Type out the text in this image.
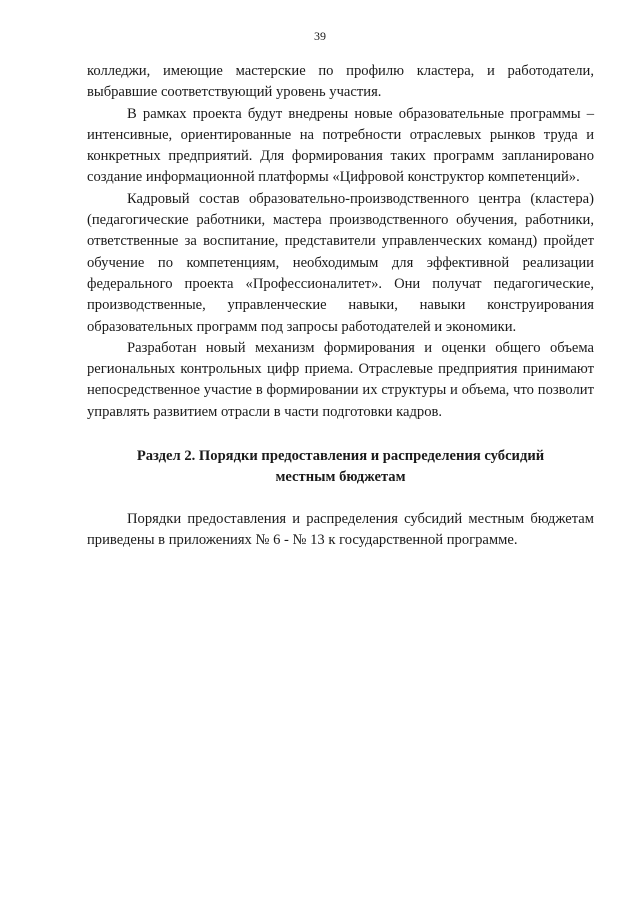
39

колледжи, имеющие мастерские по профилю кластера, и работодатели, выбравшие соответствующий уровень участия.

В рамках проекта будут внедрены новые образовательные программы – интенсивные, ориентированные на потребности отраслевых рынков труда и конкретных предприятий. Для формирования таких программ запланировано создание информационной платформы «Цифровой конструктор компетенций».

Кадровый состав образовательно-производственного центра (кластера) (педагогические работники, мастера производственного обучения, работники, ответственные за воспитание, представители управленческих команд) пройдет обучение по компетенциям, необходимым для эффективной реализации федерального проекта «Профессионалитет». Они получат педагогические, производственные, управленческие навыки, навыки конструирования образовательных программ под запросы работодателей и экономики.

Разработан новый механизм формирования и оценки общего объема региональных контрольных цифр приема. Отраслевые предприятия принимают непосредственное участие в формировании их структуры и объема, что позволит управлять развитием отрасли в части подготовки кадров.

Раздел 2. Порядки предоставления и распределения субсидий
местным бюджетам

Порядки предоставления и распределения субсидий местным бюджетам приведены в приложениях № 6 - № 13 к государственной программе.
